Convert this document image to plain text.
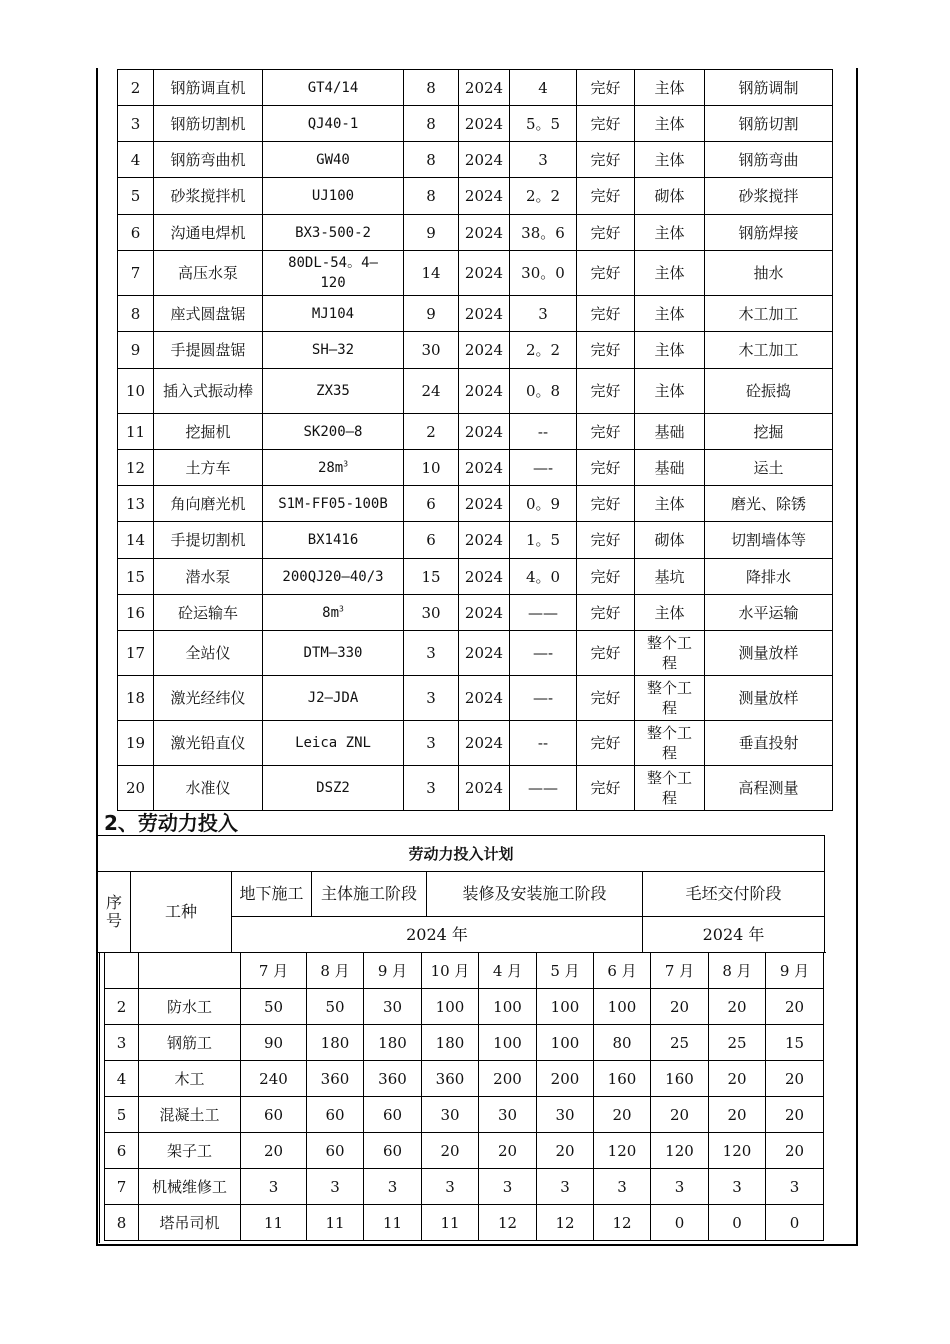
2	钢筋调直机	GT4/14	8	2024	4	完好	主体	钢筋调制
3	钢筋切割机	QJ40-1	8	2024	5。5	完好	主体	钢筋切割
4	钢筋弯曲机	GW40	8	2024	3	完好	主体	钢筋弯曲
5	砂浆搅拌机	UJ100	8	2024	2。2	完好	砌体	砂浆搅拌
6	沟通电焊机	BX3-500-2	9	2024	38。6	完好	主体	钢筋焊接
7	高压水泵	80DL-54。4—120	14	2024	30。0	完好	主体	抽水
8	座式圆盘锯	MJ104	9	2024	3	完好	主体	木工加工
9	手提圆盘锯	SH—32	30	2024	2。2	完好	主体	木工加工
10	插入式振动棒	ZX35	24	2024	0。8	完好	主体	砼振捣
11	挖掘机	SK200—8	2	2024	--	完好	基础	挖掘
12	土方车	$28m^3$	10	2024	—-	完好	基础	运土
13	角向磨光机	S1M-FF05-100B	6	2024	0。9	完好	主体	磨光、除锈
14	手提切割机	BX1416	6	2024	1。5	完好	砌体	切割墙体等
15	潜水泵	200QJ20—40/3	15	2024	4。0	完好	基坑	降排水
16	砼运输车	$8m^3$	30	2024	——	完好	主体	水平运输
17	全站仪	DTM—330	3	2024	—-	完好	整个工程	测量放样
18	激光经纬仪	J2—JDA	3	2024	—-	完好	整个工程	测量放样
19	激光铅直仪	Leica ZNL	3	2024	--	完好	整个工程	垂直投射
20	水准仪	DSZ2	3	2024	——	完好	整个工程	高程测量
2、劳动力投入
劳动力投入计划					
序号	工种	地下施工	主体施工阶段	装修及安装施工阶段	毛坯交付阶段
		2024 年			2024 年
		7 月	8 月	9 月	10 月	4 月	5 月	6 月	7 月	8 月	9 月
2	防水工	50	50	30	100	100	100	100	20	20	20
3	钢筋工	90	180	180	180	100	100	80	25	25	15
4	木工	240	360	360	360	200	200	160	160	20	20
5	混凝土工	60	60	60	30	30	30	20	20	20	20
6	架子工	20	60	60	20	20	20	120	120	120	20
7	机械维修工	3	3	3	3	3	3	3	3	3	3
8	塔吊司机	11	11	11	11	12	12	12	0	0	0
